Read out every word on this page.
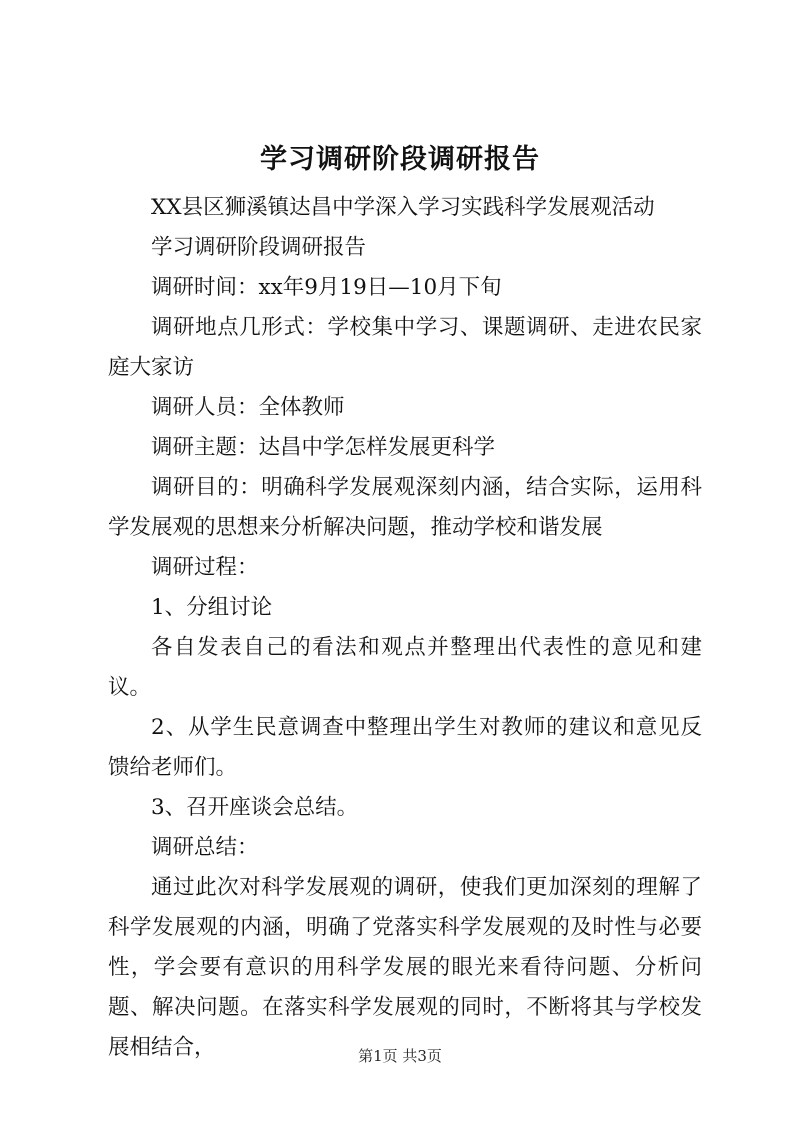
学习调研阶段调研报告

XX县区狮溪镇达昌中学深入学习实践科学发展观活动

学习调研阶段调研报告

调研时间：xx年9月19日—10月下旬

调研地点几形式：学校集中学习、课题调研、走进农民家庭大家访

调研人员：全体教师

调研主题：达昌中学怎样发展更科学

调研目的：明确科学发展观深刻内涵，结合实际，运用科学发展观的思想来分析解决问题，推动学校和谐发展

调研过程：

1、分组讨论

各自发表自己的看法和观点并整理出代表性的意见和建议。

2、从学生民意调查中整理出学生对教师的建议和意见反馈给老师们。

3、召开座谈会总结。

调研总结：

通过此次对科学发展观的调研，使我们更加深刻的理解了科学发展观的内涵，明确了党落实科学发展观的及时性与必要性，学会要有意识的用科学发展的眼光来看待问题、分析问题、解决问题。在落实科学发展观的同时，不断将其与学校发展相结合，	第1页 共3页
